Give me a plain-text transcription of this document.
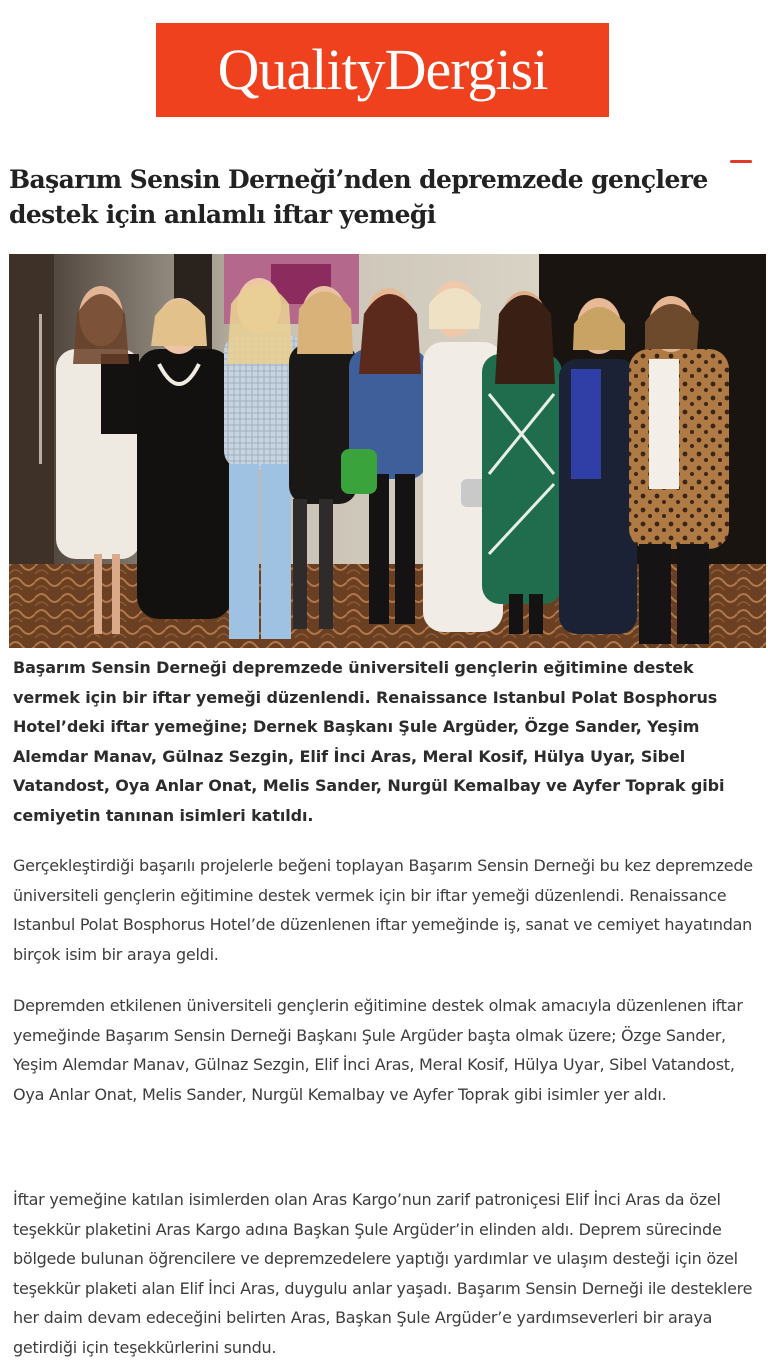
QualityDergisi
Başarım Sensin Derneği’nden depremzede gençlere destek için anlamlı iftar yemeği

Başarım Sensin Derneği depremzede üniversiteli gençlerin eğitimine destek vermek için bir iftar yemeği düzenlendi. Renaissance Istanbul Polat Bosphorus Hotel’deki iftar yemeğine; Dernek Başkanı Şule Argüder, Özge Sander, Yeşim Alemdar Manav, Gülnaz Sezgin, Elif İnci Aras, Meral Kosif, Hülya Uyar, Sibel Vatandost, Oya Anlar Onat, Melis Sander, Nurgül Kemalbay ve Ayfer Toprak gibi cemiyetin tanınan isimleri katıldı.

Gerçekleştirdiği başarılı projelerle beğeni toplayan Başarım Sensin Derneği bu kez depremzede üniversiteli gençlerin eğitimine destek vermek için bir iftar yemeği düzenlendi. Renaissance Istanbul Polat Bosphorus Hotel’de düzenlenen iftar yemeğinde iş, sanat ve cemiyet hayatından birçok isim bir araya geldi.

Depremden etkilenen üniversiteli gençlerin eğitimine destek olmak amacıyla düzenlenen iftar yemeğinde Başarım Sensin Derneği Başkanı Şule Argüder başta olmak üzere; Özge Sander, Yeşim Alemdar Manav, Gülnaz Sezgin, Elif İnci Aras, Meral Kosif, Hülya Uyar, Sibel Vatandost, Oya Anlar Onat, Melis Sander, Nurgül Kemalbay ve Ayfer Toprak gibi isimler yer aldı.

İftar yemeğine katılan isimlerden olan Aras Kargo’nun zarif patroniçesi Elif İnci Aras da özel teşekkür plaketini Aras Kargo adına Başkan Şule Argüder’in elinden aldı. Deprem sürecinde bölgede bulunan öğrencilere ve depremzedelere yaptığı yardımlar ve ulaşım desteği için özel teşekkür plaketi alan Elif İnci Aras, duygulu anlar yaşadı. Başarım Sensin Derneği ile desteklere her daim devam edeceğini belirten Aras, Başkan Şule Argüder’e yardımseverleri bir araya getirdiği için teşekkürlerini sundu.
